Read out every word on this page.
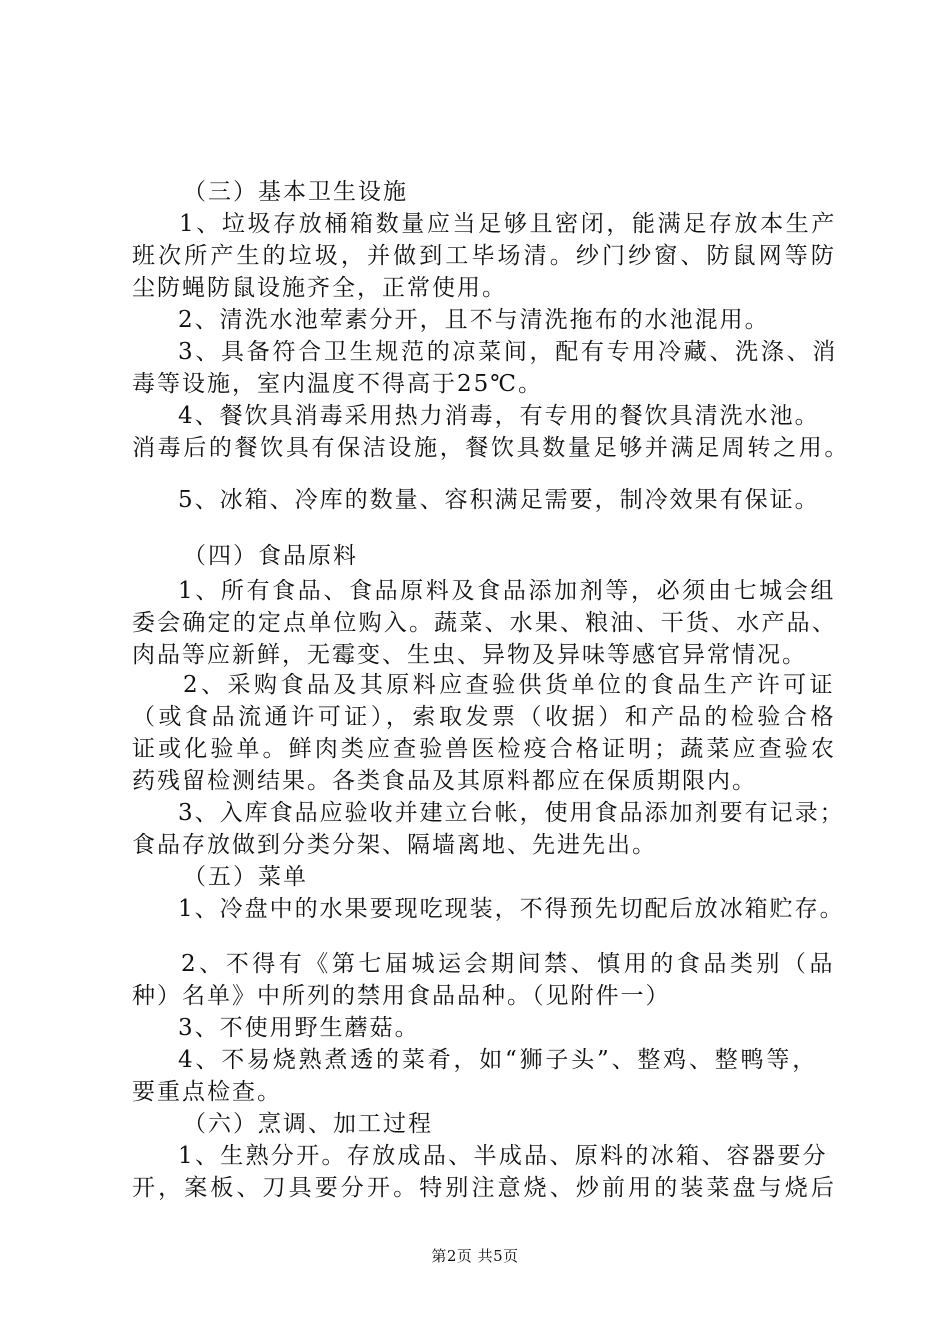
（三）基本卫生设施
1、垃圾存放桶箱数量应当足够且密闭，能满足存放本生产
班次所产生的垃圾，并做到工毕场清。纱门纱窗、防鼠网等防
尘防蝇防鼠设施齐全，正常使用。
2、清洗水池荤素分开，且不与清洗拖布的水池混用。
3、具备符合卫生规范的凉菜间，配有专用冷藏、洗涤、消
毒等设施，室内温度不得高于25℃。
4、餐饮具消毒采用热力消毒，有专用的餐饮具清洗水池。
消毒后的餐饮具有保洁设施，餐饮具数量足够并满足周转之用。
5、冰箱、冷库的数量、容积满足需要，制冷效果有保证。
（四）食品原料
1、所有食品、食品原料及食品添加剂等，必须由七城会组
委会确定的定点单位购入。蔬菜、水果、粮油、干货、水产品、
肉品等应新鲜，无霉变、生虫、异物及异味等感官异常情况。
2、采购食品及其原料应查验供货单位的食品生产许可证
（或食品流通许可证），索取发票（收据）和产品的检验合格
证或化验单。鲜肉类应查验兽医检疫合格证明；蔬菜应查验农
药残留检测结果。各类食品及其原料都应在保质期限内。
3、入库食品应验收并建立台帐，使用食品添加剂要有记录；
食品存放做到分类分架、隔墙离地、先进先出。
（五）菜单
1、冷盘中的水果要现吃现装，不得预先切配后放冰箱贮存。
2、不得有《第七届城运会期间禁、慎用的食品类别（品
种）名单》中所列的禁用食品品种。（见附件一）
3、不使用野生蘑菇。
4、不易烧熟煮透的菜肴，如“狮子头”、整鸡、整鸭等，
要重点检查。
（六）烹调、加工过程
1、生熟分开。存放成品、半成品、原料的冰箱、容器要分
开，案板、刀具要分开。特别注意烧、炒前用的装菜盘与烧后
第2页 共5页
